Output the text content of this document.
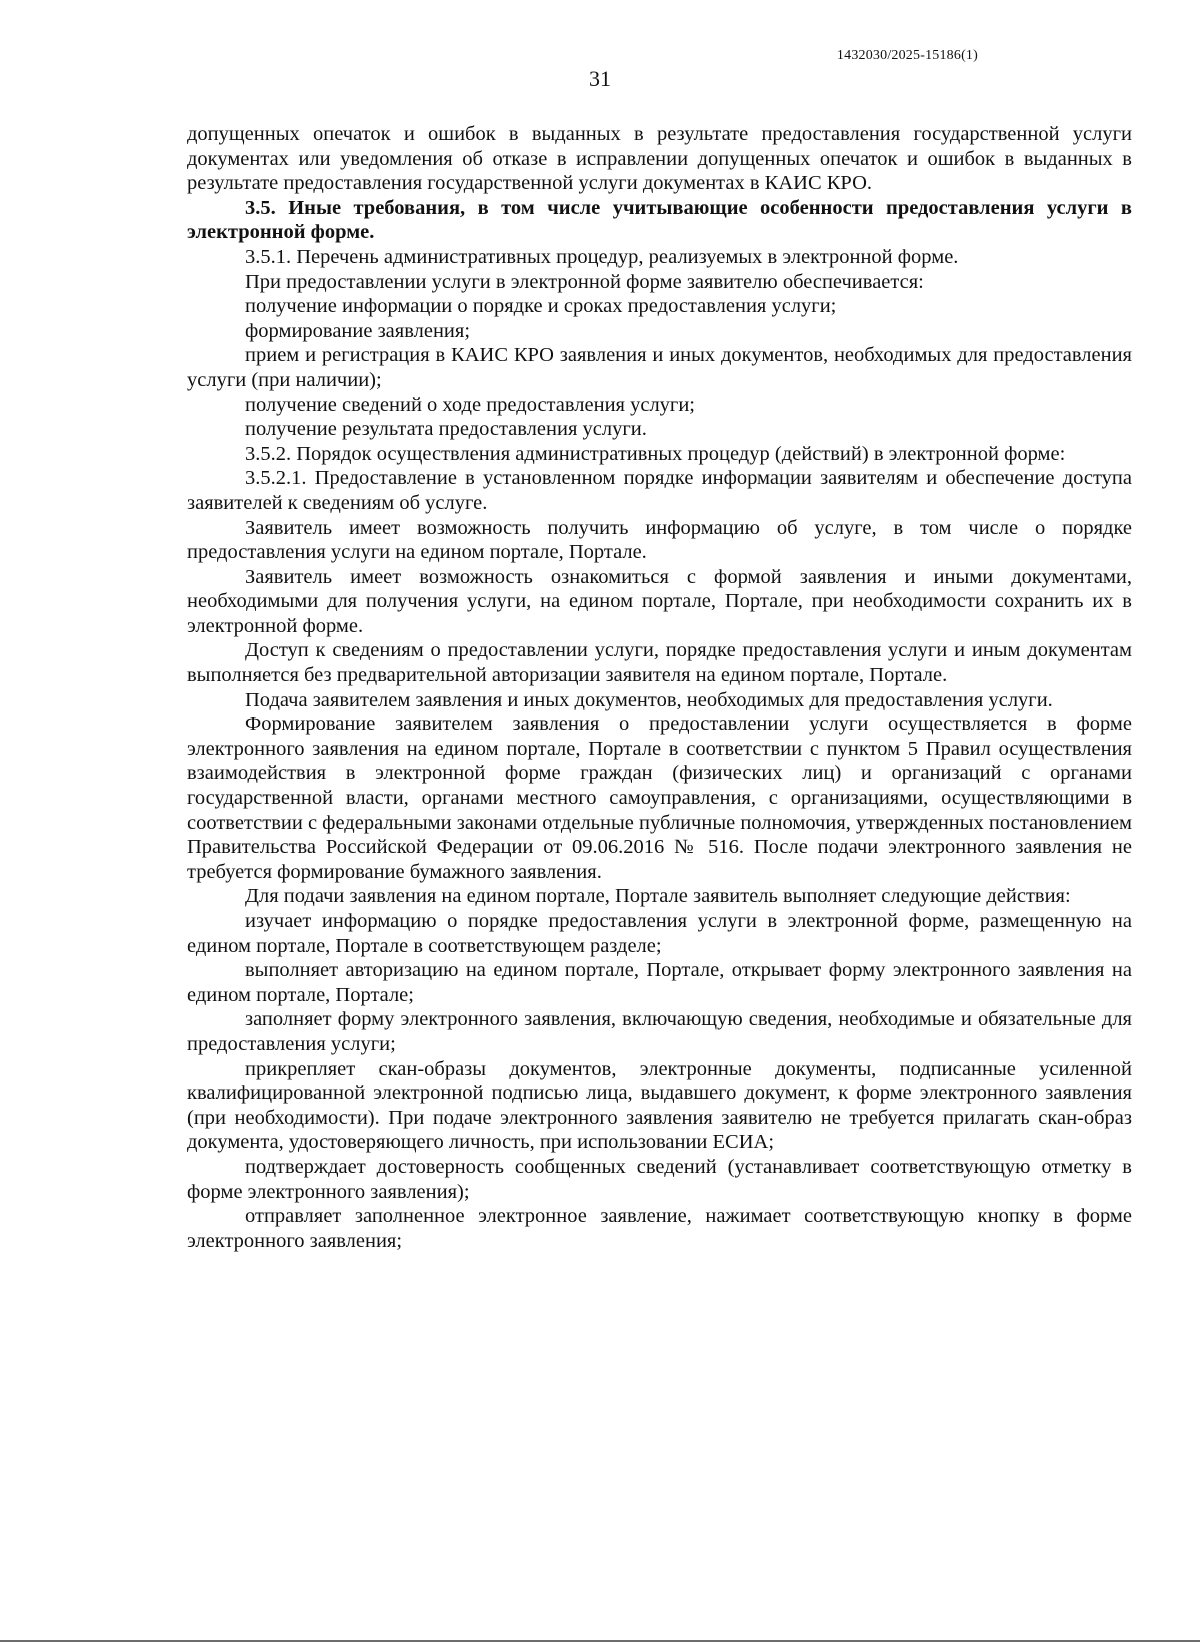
1432030/2025-15186(1)
31

допущенных опечаток и ошибок в выданных в результате предоставления государственной услуги документах или уведомления об отказе в исправлении допущенных опечаток и ошибок в выданных в результате предоставления государственной услуги документах в КАИС КРО.

3.5. Иные требования, в том числе учитывающие особенности предоставления услуги в электронной форме.

3.5.1. Перечень административных процедур, реализуемых в электронной форме.

При предоставлении услуги в электронной форме заявителю обеспечивается:

получение информации о порядке и сроках предоставления услуги;

формирование заявления;

прием и регистрация в КАИС КРО заявления и иных документов, необходимых для предоставления услуги (при наличии);

получение сведений о ходе предоставления услуги;

получение результата предоставления услуги.

3.5.2. Порядок осуществления административных процедур (действий) в электронной форме:

3.5.2.1. Предоставление в установленном порядке информации заявителям и обеспечение доступа заявителей к сведениям об услуге.

Заявитель имеет возможность получить информацию об услуге, в том числе о порядке предоставления услуги на едином портале, Портале.

Заявитель имеет возможность ознакомиться с формой заявления и иными документами, необходимыми для получения услуги, на едином портале, Портале, при необходимости сохранить их в электронной форме.

Доступ к сведениям о предоставлении услуги, порядке предоставления услуги и иным документам выполняется без предварительной авторизации заявителя на едином портале, Портале.

Подача заявителем заявления и иных документов, необходимых для предоставления услуги.

Формирование заявителем заявления о предоставлении услуги осуществляется в форме электронного заявления на едином портале, Портале в соответствии с пунктом 5 Правил осуществления взаимодействия в электронной форме граждан (физических лиц) и организаций с органами государственной власти, органами местного самоуправления, с организациями, осуществляющими в соответствии с федеральными законами отдельные публичные полномочия, утвержденных постановлением Правительства Российской Федерации от 09.06.2016 № 516. После подачи электронного заявления не требуется формирование бумажного заявления.

Для подачи заявления на едином портале, Портале заявитель выполняет следующие действия:

изучает информацию о порядке предоставления услуги в электронной форме, размещенную на едином портале, Портале в соответствующем разделе;

выполняет авторизацию на едином портале, Портале, открывает форму электронного заявления на едином портале, Портале;

заполняет форму электронного заявления, включающую сведения, необходимые и обязательные для предоставления услуги;

прикрепляет скан-образы документов, электронные документы, подписанные усиленной квалифицированной электронной подписью лица, выдавшего документ, к форме электронного заявления (при необходимости). При подаче электронного заявления заявителю не требуется прилагать скан-образ документа, удостоверяющего личность, при использовании ЕСИА;

подтверждает достоверность сообщенных сведений (устанавливает соответствующую отметку в форме электронного заявления);

отправляет заполненное электронное заявление, нажимает соответствующую кнопку в форме электронного заявления;
